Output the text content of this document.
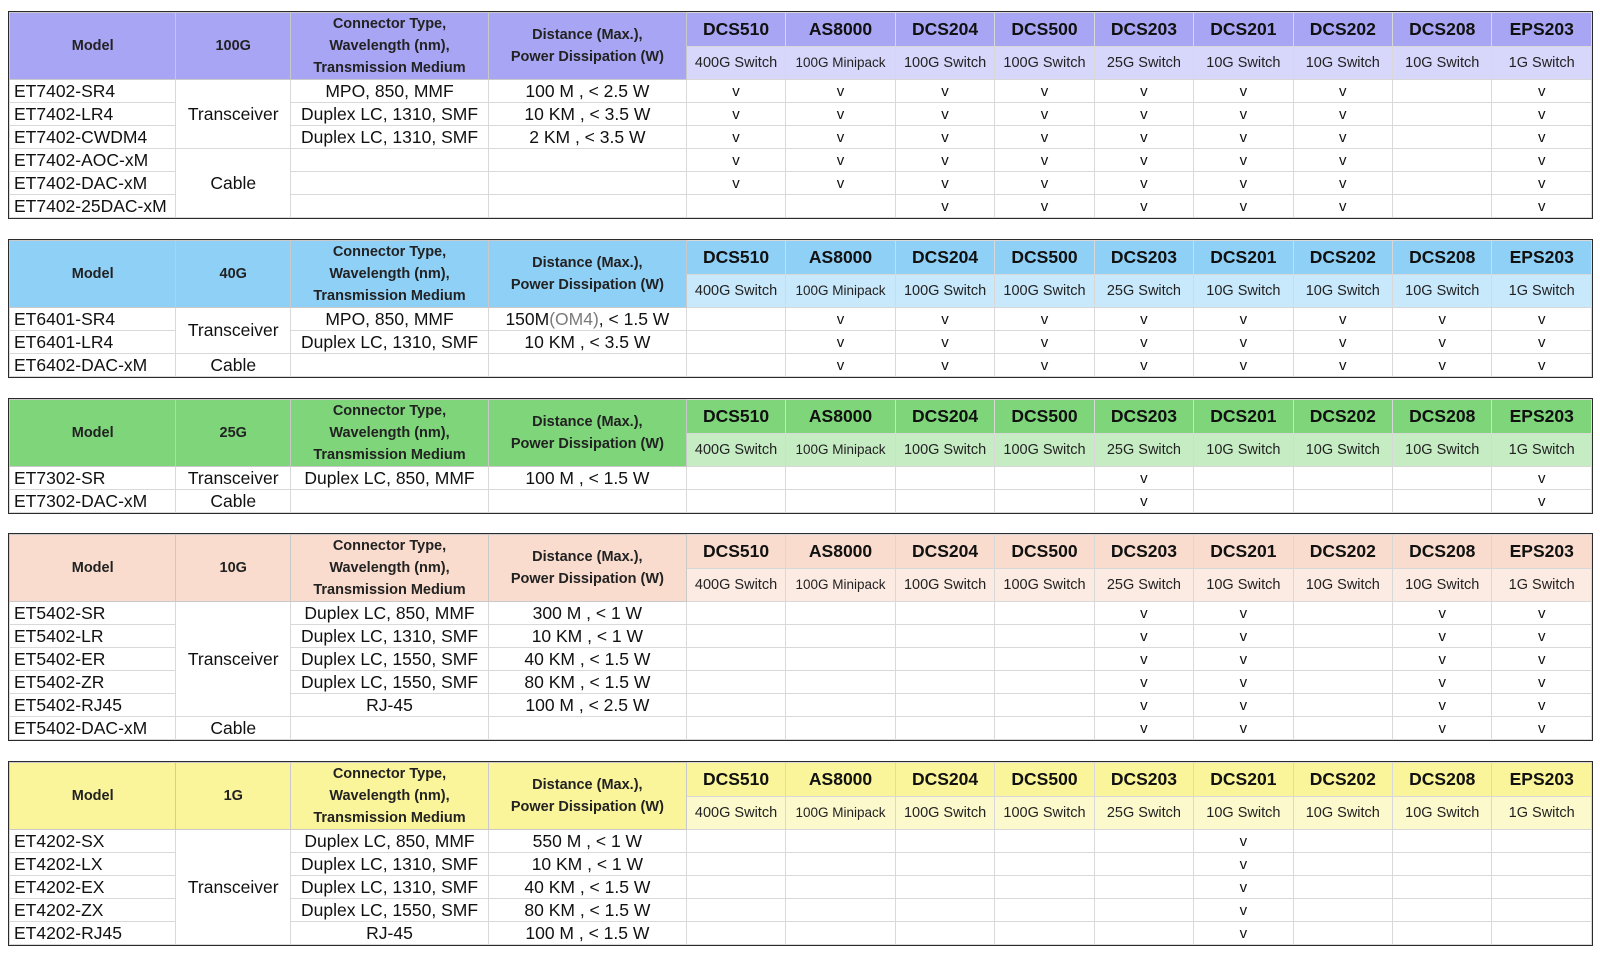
Model	100G	Connector Type,
Wavelength (nm),
Transmission Medium	Distance (Max.),
Power Dissipation (W)	DCS510	AS8000	DCS204	DCS500	DCS203	DCS201	DCS202	DCS208	EPS203
				400G Switch	100G Minipack	100G Switch	100G Switch	25G Switch	10G Switch	10G Switch	10G Switch	1G Switch
ET7402-SR4	Transceiver	MPO, 850, MMF	100 M , < 2.5 W	v	v	v	v	v	v	v		v
ET7402-LR4		Duplex LC, 1310, SMF	10 KM , < 3.5 W	v	v	v	v	v	v	v		v
ET7402-CWDM4		Duplex LC, 1310, SMF	2 KM , < 3.5 W	v	v	v	v	v	v	v		v
ET7402-AOC-xM	Cable			v	v	v	v	v	v	v		v
ET7402-DAC-xM				v	v	v	v	v	v	v		v
ET7402-25DAC-xM						v	v	v	v	v		v
Model	40G	Connector Type,
Wavelength (nm),
Transmission Medium	Distance (Max.),
Power Dissipation (W)	DCS510	AS8000	DCS204	DCS500	DCS203	DCS201	DCS202	DCS208	EPS203
				400G Switch	100G Minipack	100G Switch	100G Switch	25G Switch	10G Switch	10G Switch	10G Switch	1G Switch
ET6401-SR4	Transceiver	MPO, 850, MMF	150M(OM4), < 1.5 W		v	v	v	v	v	v	v	v
ET6401-LR4		Duplex LC, 1310, SMF	10 KM , < 3.5 W		v	v	v	v	v	v	v	v
ET6402-DAC-xM	Cable				v	v	v	v	v	v	v	v
Model	25G	Connector Type,
Wavelength (nm),
Transmission Medium	Distance (Max.),
Power Dissipation (W)	DCS510	AS8000	DCS204	DCS500	DCS203	DCS201	DCS202	DCS208	EPS203
				400G Switch	100G Minipack	100G Switch	100G Switch	25G Switch	10G Switch	10G Switch	10G Switch	1G Switch
ET7302-SR	Transceiver	Duplex LC, 850, MMF	100 M , < 1.5 W					v				v
ET7302-DAC-xM	Cable							v				v
Model	10G	Connector Type,
Wavelength (nm),
Transmission Medium	Distance (Max.),
Power Dissipation (W)	DCS510	AS8000	DCS204	DCS500	DCS203	DCS201	DCS202	DCS208	EPS203
				400G Switch	100G Minipack	100G Switch	100G Switch	25G Switch	10G Switch	10G Switch	10G Switch	1G Switch
ET5402-SR	Transceiver	Duplex LC, 850, MMF	300 M , < 1 W					v	v		v	v
ET5402-LR		Duplex LC, 1310, SMF	10 KM , < 1 W					v	v		v	v
ET5402-ER		Duplex LC, 1550, SMF	40 KM , < 1.5 W					v	v		v	v
ET5402-ZR		Duplex LC, 1550, SMF	80 KM , < 1.5 W					v	v		v	v
ET5402-RJ45		RJ-45	100 M , < 2.5 W					v	v		v	v
ET5402-DAC-xM	Cable							v	v		v	v
Model	1G	Connector Type,
Wavelength (nm),
Transmission Medium	Distance (Max.),
Power Dissipation (W)	DCS510	AS8000	DCS204	DCS500	DCS203	DCS201	DCS202	DCS208	EPS203
				400G Switch	100G Minipack	100G Switch	100G Switch	25G Switch	10G Switch	10G Switch	10G Switch	1G Switch
ET4202-SX	Transceiver	Duplex LC, 850, MMF	550 M , < 1 W						v			
ET4202-LX		Duplex LC, 1310, SMF	10 KM , < 1 W						v			
ET4202-EX		Duplex LC, 1310, SMF	40 KM , < 1.5 W						v			
ET4202-ZX		Duplex LC, 1550, SMF	80 KM , < 1.5 W						v			
ET4202-RJ45		RJ-45	100 M , < 1.5 W						v			
